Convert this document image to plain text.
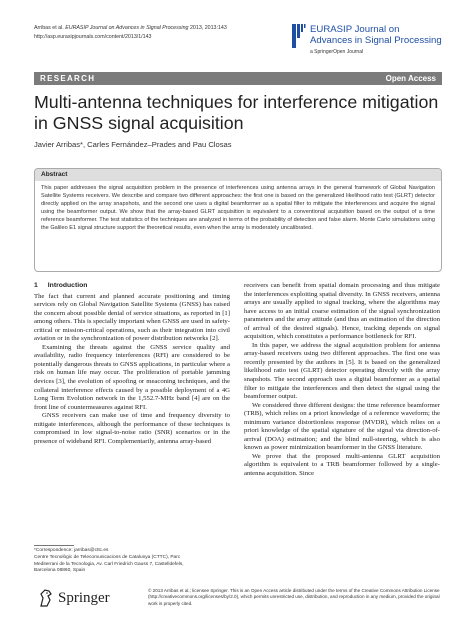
Arribas et al. EURASIP Journal on Advances in Signal Processing 2013, 2013:143
http://asp.eurasipjournals.com/content/2013/1/143
EURASIP Journal on
Advances in Signal Processing
a SpringerOpen Journal
RESEARCH	Open Access
Multi-antenna techniques for interference mitigation in GNSS signal acquisition
Javier Arribas*, Carles Fernández–Prades and Pau Closas
Abstract
This paper addresses the signal acquisition problem in the presence of interferences using antenna arrays in the general framework of Global Navigation Satellite Systems receivers. We describe and compare two different approaches: the first one is based on the generalized likelihood ratio test (GLRT) detector directly applied on the array snapshots, and the second one uses a digital beamformer as a spatial filter to mitigate the interferences and acquire the signal using the beamformer output. We show that the array-based GLRT acquisition is equivalent to a conventional acquisition based on the output of a time reference beamformer. The test statistics of the techniques are analyzed in terms of the probability of detection and false alarm. Monte Carlo simulations using the Galileo E1 signal structure support the theoretical results, even when the array is moderately uncalibrated.
1 Introduction

The fact that current and planned accurate positioning and timing services rely on Global Navigation Satellite Systems (GNSS) has raised the concern about possible denial of service situations, as reported in [1] among others. This is specially important when GNSS are used in safety-critical or mission-critical operations, such as their integration into civil aviation or in the synchronization of power distribution networks [2].

Examining the threats against the GNSS service quality and availability, radio frequency interferences (RFI) are considered to be potentially dangerous threats to GNSS applications, in particular where a risk on human life may occur. The proliferation of portable jamming devices [3], the evolution of spoofing or meaconing techniques, and the collateral interference effects caused by a possible deployment of a 4G Long Term Evolution network in the 1,552.7-MHz band [4] are on the front line of countermeasures against RFI.

GNSS receivers can make use of time and frequency diversity to mitigate interferences, although the performance of these techniques is compromised in low signal-to-noise ratio (SNR) scenarios or in the presence of wideband RFI. Complementarily, antenna array-based

receivers can benefit from spatial domain processing and thus mitigate the interferences exploiting spatial diversity. In GNSS receivers, antenna arrays are usually applied to signal tracking, where the algorithms may have access to an initial coarse estimation of the signal synchronization parameters and the array attitude (and thus an estimation of the direction of arrival of the desired signals). Hence, tracking depends on signal acquisition, which constitutes a performance bottleneck for RFI.

In this paper, we address the signal acquisition problem for antenna array-based receivers using two different approaches. The first one was recently presented by the authors in [5]. It is based on the generalized likelihood ratio test (GLRT) detector operating directly with the array snapshots. The second approach uses a digital beamformer as a spatial filter to mitigate the interferences and then detect the signal using the beamformer output.

We considered three different designs: the time reference beamformer (TRB), which relies on a priori knowledge of a reference waveform; the minimum variance distortionless response (MVDR), which relies on a priori knowledge of the spatial signature of the signal via direction-of-arrival (DOA) estimation; and the blind null-steering, which is also known as power minimization beamformer in the GNSS literature.

We prove that the proposed multi-antenna GLRT acquisition algorithm is equivalent to a TRB beamformer followed by a single-antenna acquisition. Since

*Correspondence: jarribas@cttc.es
Centre Tecnològic de Telecomunicacions de Catalunya (CTTC), Parc
Mediterrani de la Tecnologia, Av. Carl Friedrich Gauss 7, Castelldefels,
Barcelona 08860, Spain
Springer	© 2013 Arribas et al.; licensee Springer. This is an Open Access article distributed under the terms of the Creative Commons Attribution License (http://creativecommons.org/licenses/by/2.0), which permits unrestricted use, distribution, and reproduction in any medium, provided the original work is properly cited.
